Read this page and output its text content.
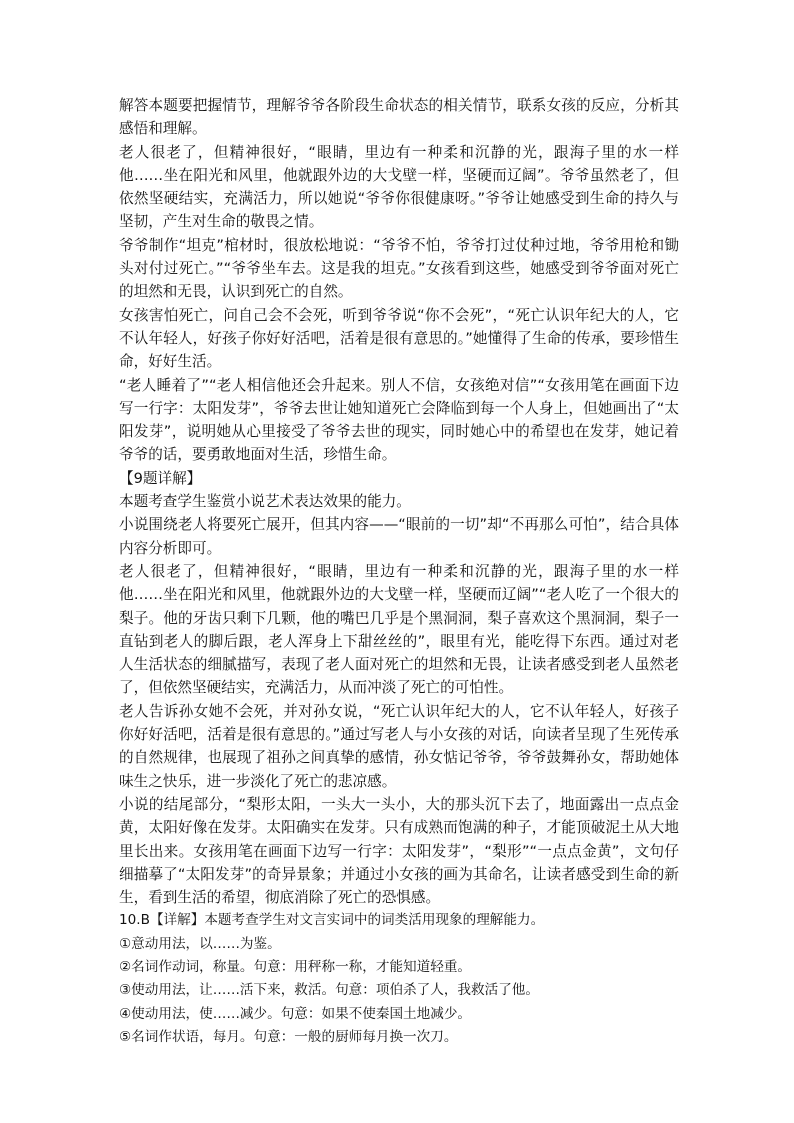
解答本题要把握情节，理解爷爷各阶段生命状态的相关情节，联系女孩的反应，分析其感悟和理解。

老人很老了，但精神很好，“眼睛，里边有一种柔和沉静的光，跟海子里的水一样他……坐在阳光和风里，他就跟外边的大戈壁一样，坚硬而辽阔”。爷爷虽然老了，但依然坚硬结实，充满活力，所以她说“爷爷你很健康呀。”爷爷让她感受到生命的持久与坚韧，产生对生命的敬畏之情。

爷爷制作“坦克”棺材时，很放松地说：“爷爷不怕，爷爷打过仗种过地，爷爷用枪和锄头对付过死亡。”“爷爷坐车去。这是我的坦克。”女孩看到这些，她感受到爷爷面对死亡的坦然和无畏，认识到死亡的自然。

女孩害怕死亡，问自己会不会死，听到爷爷说“你不会死”，“死亡认识年纪大的人，它不认年轻人，好孩子你好好活吧，活着是很有意思的。”她懂得了生命的传承，要珍惜生命，好好生活。

“老人睡着了”“老人相信他还会升起来。别人不信，女孩绝对信”“女孩用笔在画面下边写一行字：太阳发芽”，爷爷去世让她知道死亡会降临到每一个人身上，但她画出了“太阳发芽”，说明她从心里接受了爷爷去世的现实，同时她心中的希望也在发芽，她记着爷爷的话，要勇敢地面对生活，珍惜生命。

【9题详解】

本题考查学生鉴赏小说艺术表达效果的能力。

小说围绕老人将要死亡展开，但其内容——“眼前的一切”却“不再那么可怕”，结合具体内容分析即可。

老人很老了，但精神很好，“眼睛，里边有一种柔和沉静的光，跟海子里的水一样他……坐在阳光和风里，他就跟外边的大戈壁一样，坚硬而辽阔”“老人吃了一个很大的梨子。他的牙齿只剩下几颗，他的嘴巴几乎是个黑洞洞，梨子喜欢这个黑洞洞，梨子一直钻到老人的脚后跟，老人浑身上下甜丝丝的”，眼里有光，能吃得下东西。通过对老人生活状态的细腻描写，表现了老人面对死亡的坦然和无畏，让读者感受到老人虽然老了，但依然坚硬结实，充满活力，从而冲淡了死亡的可怕性。

老人告诉孙女她不会死，并对孙女说，“死亡认识年纪大的人，它不认年轻人，好孩子你好好活吧，活着是很有意思的。”通过写老人与小女孩的对话，向读者呈现了生死传承的自然规律，也展现了祖孙之间真挚的感情，孙女惦记爷爷，爷爷鼓舞孙女，帮助她体味生之快乐，进一步淡化了死亡的悲凉感。

小说的结尾部分，“梨形太阳，一头大一头小，大的那头沉下去了，地面露出一点点金黄，太阳好像在发芽。太阳确实在发芽。只有成熟而饱满的种子，才能顶破泥土从大地里长出来。女孩用笔在画面下边写一行字：太阳发芽”，“梨形”“一点点金黄”，文句仔细描摹了“太阳发芽”的奇异景象；并通过小女孩的画为其命名，让读者感受到生命的新生，看到生活的希望，彻底消除了死亡的恐惧感。

10.B【详解】本题考查学生对文言实词中的词类活用现象的理解能力。

①意动用法，以……为鉴。

②名词作动词，称量。句意：用秤称一称，才能知道轻重。

③使动用法，让……活下来，救活。句意：项伯杀了人，我救活了他。

④使动用法，使……减少。句意：如果不使秦国土地减少。

⑤名词作状语，每月。句意：一般的厨师每月换一次刀。
